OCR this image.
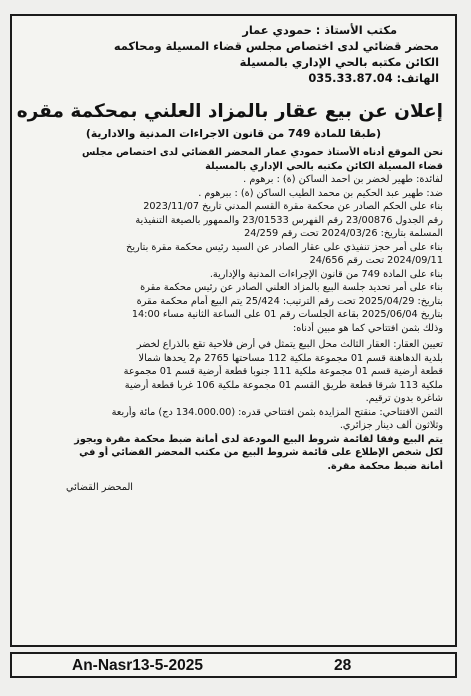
مكتب الأستاذ : حمودي عمار
محضر قضائي لدى اختصاص مجلس قضاء المسيلة ومحاكمه
الكائن مكتبه بالحي الإداري بالمسيلة
الهاتف: 035.33.87.04
إعلان عن بيع عقار بالمزاد العلني بمحكمة مقره
(طبقا للمادة 749 من قانون الاجراءات المدنية والادارية)
نحن الموقع أدناه الأستاذ حمودي عمار المحضر القضائي لدى اختصاص مجلس
قضاء المسيلة الكائن مكتبه بالحي الإداري بالمسيلة
لفائدة: طهير لخضر بن احمد الساكن (ة) : برهوم .
ضد: طهير عبد الحكيم بن محمد الطيب الساكن (ة) : ببرهوم .
بناء على الحكم الصادر عن محكمة مقرة القسم المدني تاريخ 2023/11/07
رقم الجدول 23/00876 رقم الفهرس 23/01533 والممهور بالصيغة التنفيذية
المسلمة بتاريخ: 2024/03/26 تحت رقم 24/259
بناء على أمر حجز تنفيذي على عقار الصادر عن السيد رئيس محكمة مقرة بتاريخ
2024/09/11 تحت رقم 24/656
بناء على المادة 749 من قانون الإجراءات المدنية والإدارية.
بناء على أمر تحديد جلسة البيع بالمزاد العلني الصادر عن رئيس محكمة مقرة
بتاريخ: 2025/04/29 تحت رقم الترتيب: 25/424 يتم البيع أمام محكمة مقرة
بتاريخ 2025/06/04 بقاعة الجلسات رقم 01 على الساعة الثانية مساء 14:00
وذلك بثمن افتتاحي كما هو مبين أدناه:
تعيين العقار: العقار الثالث محل البيع يتمثل في أرض فلاحية تقع بالذراع لخضر
بلدية الدهاهنة قسم 01 مجموعة ملكية 112 مساحتها 2765 م2 يحدها شمالا
قطعة أرضية قسم 01 مجموعة ملكية 111 جنوبا قطعة أرضية قسم 01 مجموعة
ملكية 113 شرقا قطعة طريق القسم 01 مجموعة ملكية 106 غربا قطعة أرضية
شاغرة بدون ترقيم.
الثمن الافتتاحي: منقتح المزايدة بثمن افتتاحي قدره: (134.000.00 دج) مائة وأربعة
وثلاثون ألف دينار جزائري.
يتم البيع وفقا لقائمة شروط البيع المودعة لدى أمانة ضبط محكمة مقرة ويجوز
لكل شخص الإطلاع على قائمة شروط البيع من مكتب المحضر القضائي أو في
أمانة ضبط محكمة مقرة.
المحضر القضائي
An-Nasr13-5-2025	28
